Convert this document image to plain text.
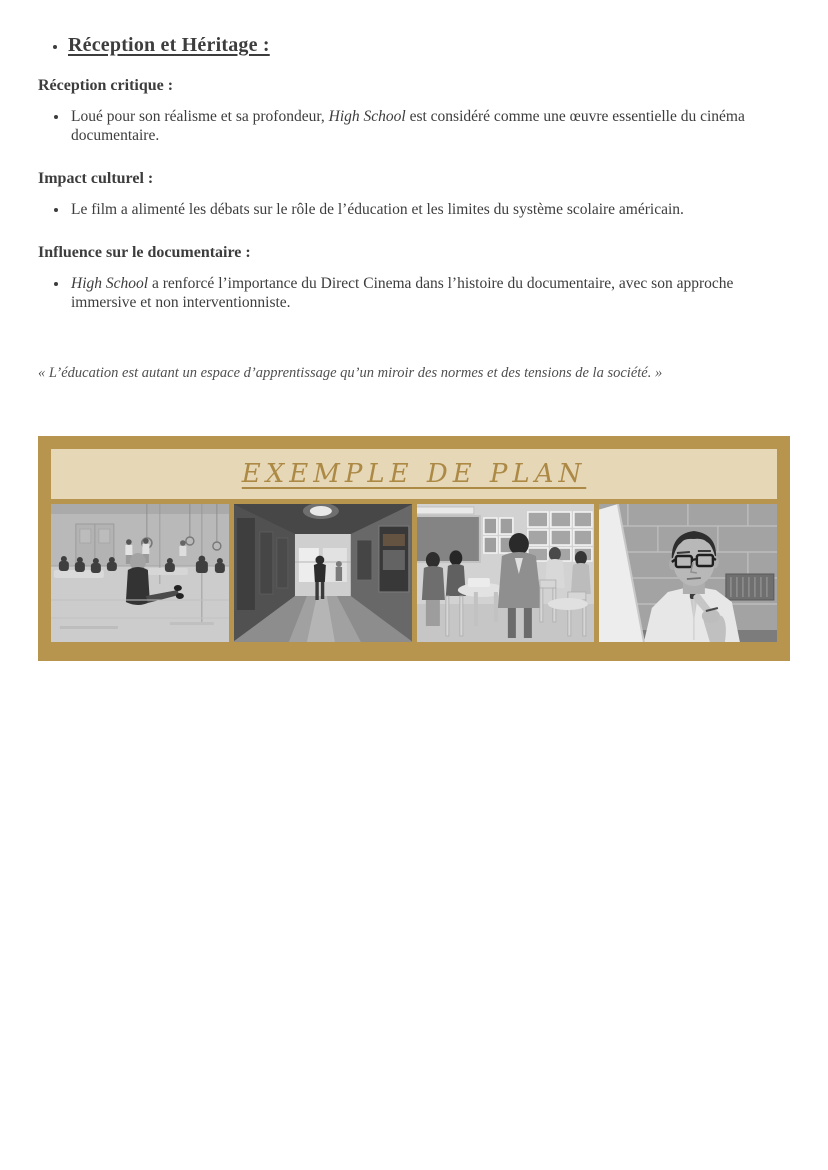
• Réception et Héritage :

Réception critique :

• Loué pour son réalisme et sa profondeur, High School est considéré comme une œuvre essentielle du cinéma documentaire.

Impact culturel :

• Le film a alimenté les débats sur le rôle de l’éducation et les limites du système scolaire américain.

Influence sur le documentaire :

• High School a renforcé l’importance du Direct Cinema dans l’histoire du documentaire, avec son approche immersive et non interventionniste.

« L’éducation est autant un espace d’apprentissage qu’un miroir des normes et des tensions de la société. »

EXEMPLE DE PLAN
